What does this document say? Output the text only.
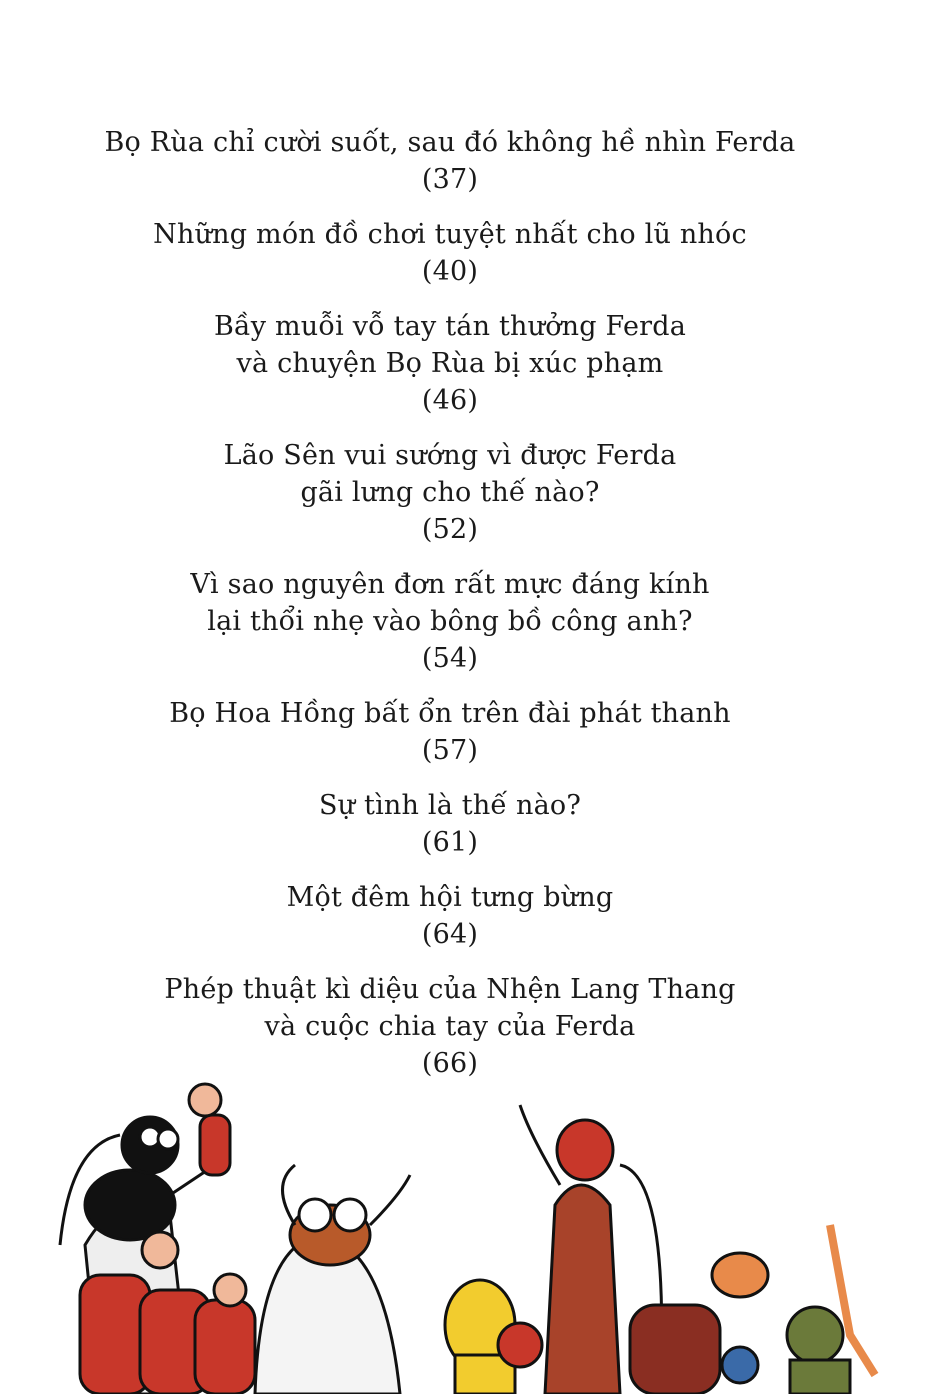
Bọ Rùa chỉ cười suốt, sau đó không hề nhìn Ferda
(37)
Những món đồ chơi tuyệt nhất cho lũ nhóc
(40)
Bầy muỗi vỗ tay tán thưởng Ferda
và chuyện Bọ Rùa bị xúc phạm
(46)
Lão Sên vui sướng vì được Ferda
gãi lưng cho thế nào?
(52)
Vì sao nguyên đơn rất mực đáng kính
lại thổi nhẹ vào bông bồ công anh?
(54)
Bọ Hoa Hồng bất ổn trên đài phát thanh
(57)
Sự tình là thế nào?
(61)
Một đêm hội tưng bừng
(64)
Phép thuật kì diệu của Nhện Lang Thang
và cuộc chia tay của Ferda
(66)
